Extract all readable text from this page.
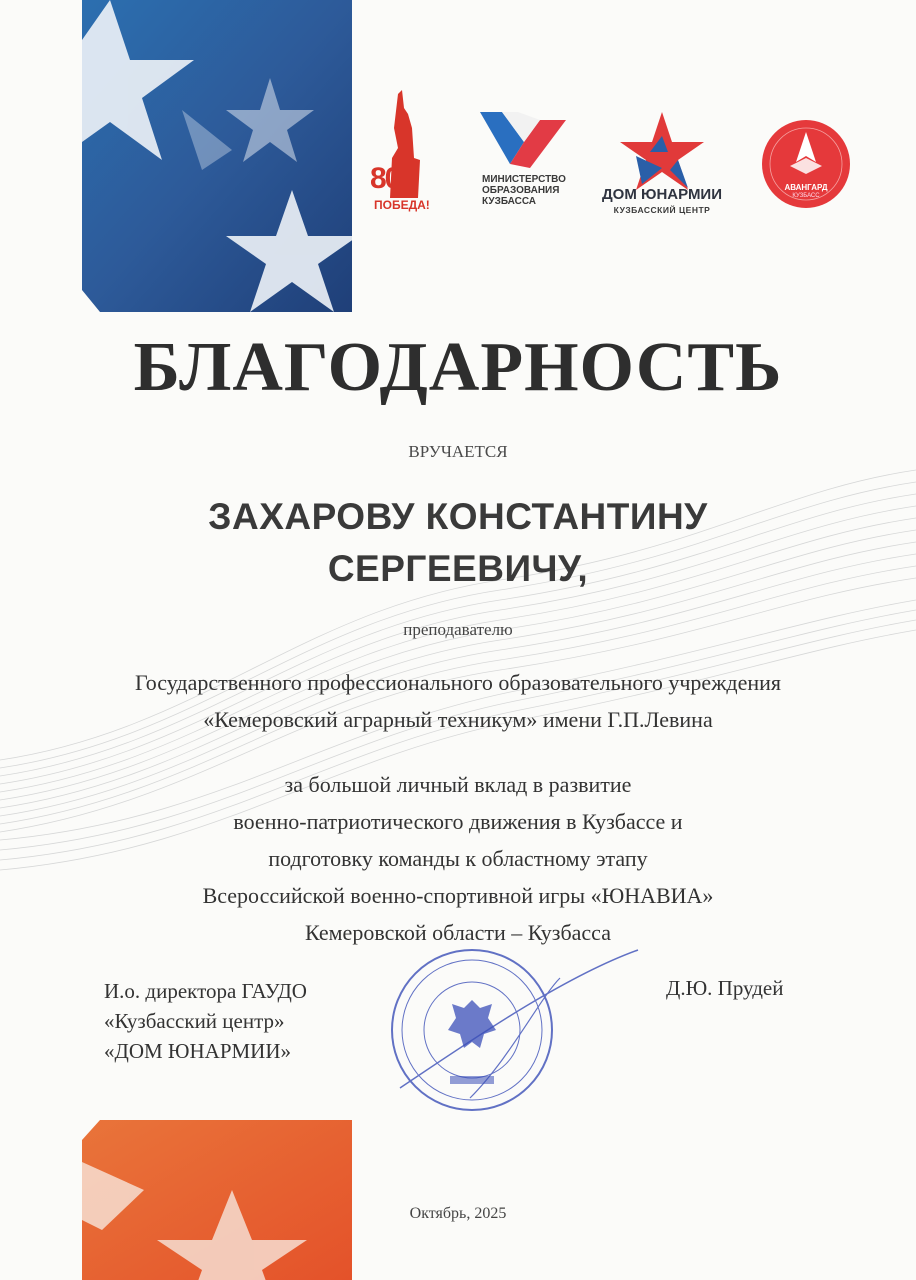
80
ПОБЕДА!
МИНИСТЕРСТВО
ОБРАЗОВАНИЯ
КУЗБАССА	ДОМ ЮНАРМИИ
КУЗБАССКИЙ ЦЕНТР
АВАНГАРД
КУЗБАСС
БЛАГОДАРНОСТЬ
ВРУЧАЕТСЯ
ЗАХАРОВУ КОНСТАНТИНУ
СЕРГЕЕВИЧУ,
преподавателю
Государственного профессионального образовательного учреждения
«Кемеровский аграрный техникум» имени Г.П.Левина
за большой личный вклад в развитие
военно-патриотического движения в Кузбассе и
подготовку команды к областному этапу
Всероссийской военно-спортивной игры «ЮНАВИА»
Кемеровской области – Кузбасса
И.о. директора ГАУДО
«Кузбасский центр»
«ДОМ ЮНАРМИИ»
Д.Ю. Прудей
Октябрь, 2025
